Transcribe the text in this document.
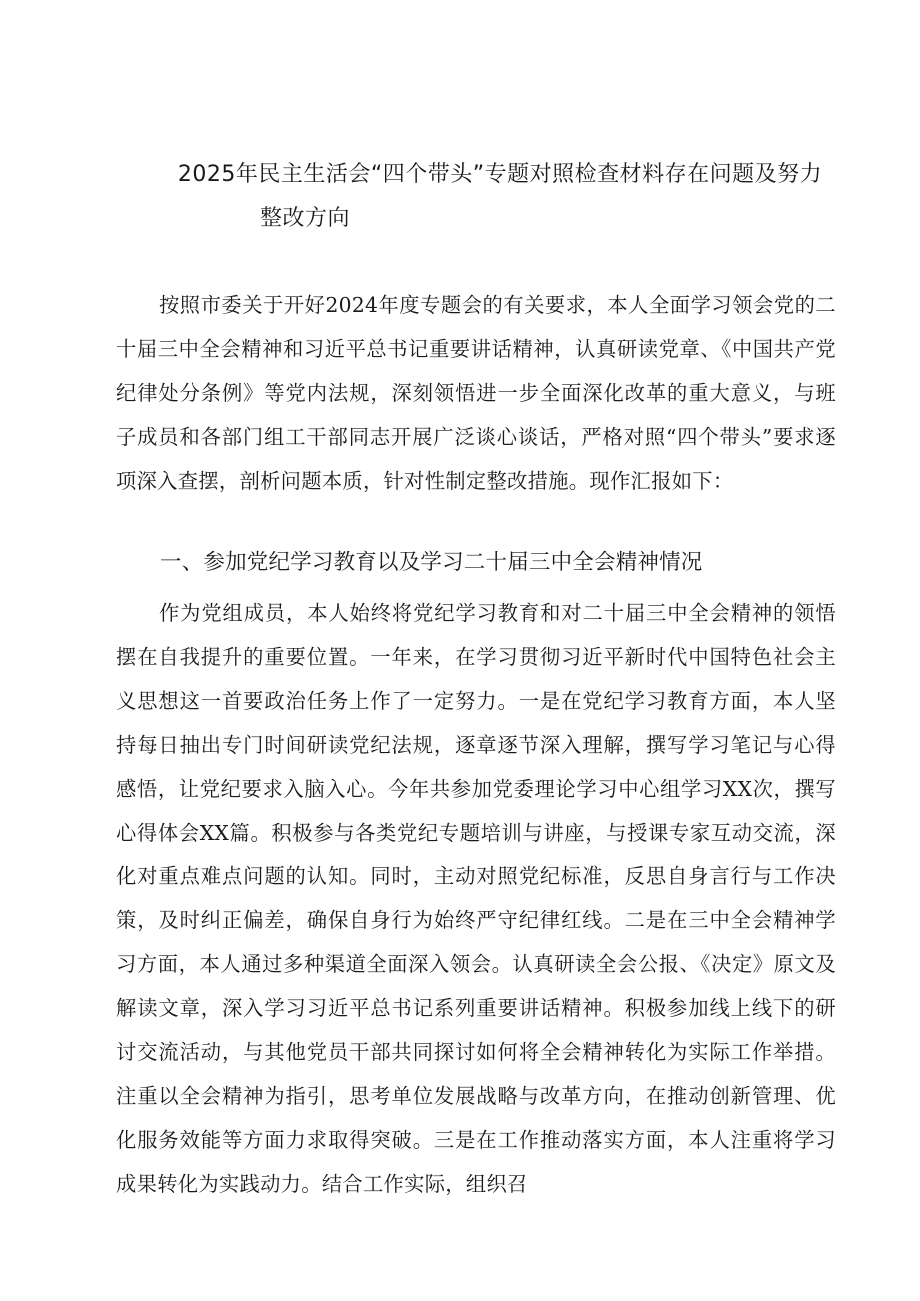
2025年民主生活会“四个带头”专题对照检查材料存在问题及努力
整改方向

按照市委关于开好2024年度专题会的有关要求，本人全面学习领会党的二十届三中全会精神和习近平总书记重要讲话精神，认真研读党章、《中国共产党纪律处分条例》等党内法规，深刻领悟进一步全面深化改革的重大意义，与班子成员和各部门组工干部同志开展广泛谈心谈话，严格对照“四个带头”要求逐项深入查摆，剖析问题本质，针对性制定整改措施。现作汇报如下：

一、参加党纪学习教育以及学习二十届三中全会精神情况

作为党组成员，本人始终将党纪学习教育和对二十届三中全会精神的领悟摆在自我提升的重要位置。一年来，在学习贯彻习近平新时代中国特色社会主义思想这一首要政治任务上作了一定努力。一是在党纪学习教育方面，本人坚持每日抽出专门时间研读党纪法规，逐章逐节深入理解，撰写学习笔记与心得感悟，让党纪要求入脑入心。今年共参加党委理论学习中心组学习XX次，撰写心得体会XX篇。积极参与各类党纪专题培训与讲座，与授课专家互动交流，深化对重点难点问题的认知。同时，主动对照党纪标准，反思自身言行与工作决策，及时纠正偏差，确保自身行为始终严守纪律红线。二是在三中全会精神学习方面，本人通过多种渠道全面深入领会。认真研读全会公报、《决定》原文及解读文章，深入学习习近平总书记系列重要讲话精神。积极参加线上线下的研讨交流活动，与其他党员干部共同探讨如何将全会精神转化为实际工作举措。注重以全会精神为指引，思考单位发展战略与改革方向，在推动创新管理、优化服务效能等方面力求取得突破。三是在工作推动落实方面，本人注重将学习成果转化为实践动力。结合工作实际，组织召
